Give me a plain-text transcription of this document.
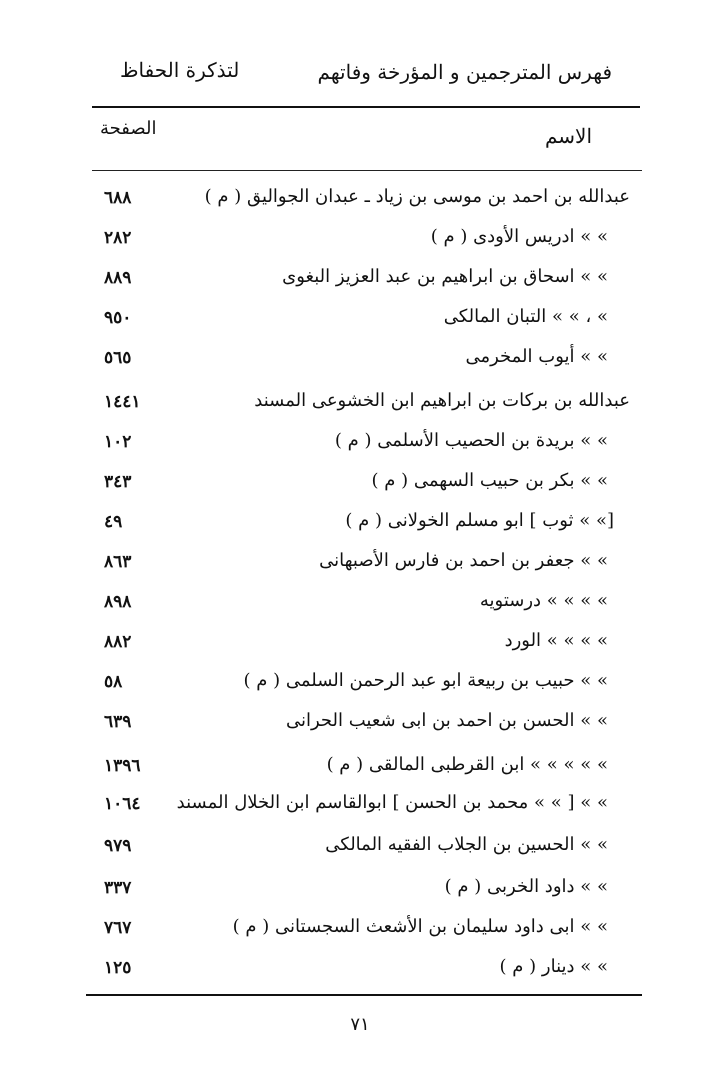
فهرس المترجمين و المؤرخة وفاتهم
لتذكرة الحفاظ
الاسم
الصفحة
عبدالله بن احمد بن موسى بن زياد ـ عبدان الجواليق ( م )
٦٨٨
» » ادريس الأودى ( م )
٢٨٢
» » اسحاق بن ابراهيم بن عبد العزيز البغوى
٨٨٩
» ، » » التبان المالكى
٩٥٠
» » أيوب المخرمى
٥٦٥
عبدالله بن بركات بن ابراهيم ابن الخشوعى المسند
١٤٤١
» » بريدة بن الحصيب الأسلمى ( م )
١٠٢
» » بكر بن حبيب السهمى ( م )
٣٤٣
[» » ثوب ] ابو مسلم الخولانى ( م )
٤٩
» » جعفر بن احمد بن فارس الأصبهانى
٨٦٣
» » » » درستويه
٨٩٨
» » » » الورد
٨٨٢
» » حبيب بن ربيعة ابو عبد الرحمن السلمى ( م )
٥٨
» » الحسن بن احمد بن ابى شعيب الحرانى
٦٣٩
» » » » » ابن القرطبى المالقى ( م )
١٣٩٦
» » [ » » محمد بن الحسن ] ابوالقاسم ابن الخلال المسند
١٠٦٤
» » الحسين بن الجلاب الفقيه المالكى
٩٧٩
» » داود الخربى ( م )
٣٣٧
» » ابى داود سليمان بن الأشعث السجستانى ( م )
٧٦٧
» » دينار ( م )
١٢٥
٧١
